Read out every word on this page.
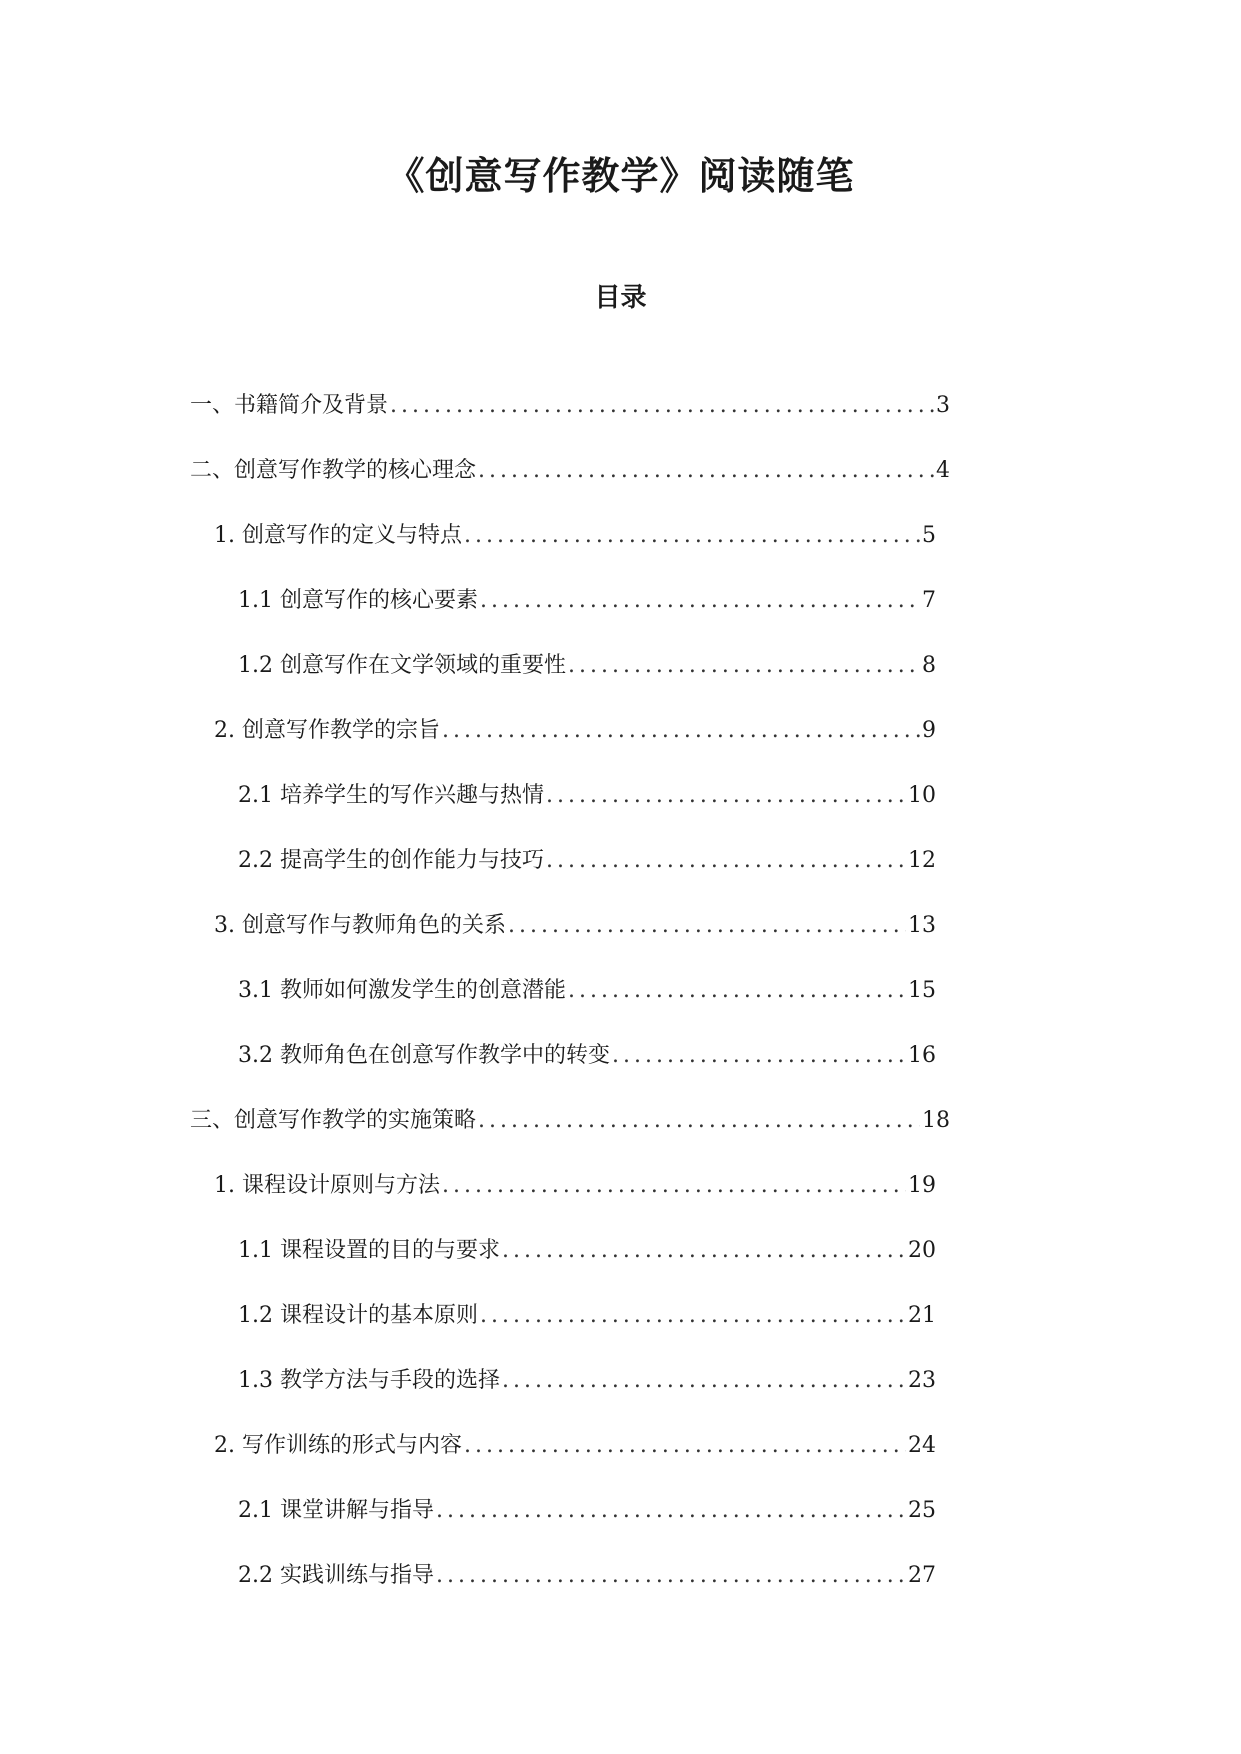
《创意写作教学》阅读随笔
目录
一、书籍简介及背景 .....	3
二、创意写作教学的核心理念 .....	4
1. 创意写作的定义与特点 .....	5
1.1 创意写作的核心要素 .....	7
1.2 创意写作在文学领域的重要性 .....	8
2. 创意写作教学的宗旨 .....	9
2.1 培养学生的写作兴趣与热情 .....	10
2.2 提高学生的创作能力与技巧 .....	12
3. 创意写作与教师角色的关系 .....	13
3.1 教师如何激发学生的创意潜能 .....	15
3.2 教师角色在创意写作教学中的转变 .....	16
三、创意写作教学的实施策略 .....	18
1. 课程设计原则与方法 .....	19
1.1 课程设置的目的与要求 .....	20
1.2 课程设计的基本原则 .....	21
1.3 教学方法与手段的选择 .....	23
2. 写作训练的形式与内容 .....	24
2.1 课堂讲解与指导 .....	25
2.2 实践训练与指导 .....	27
